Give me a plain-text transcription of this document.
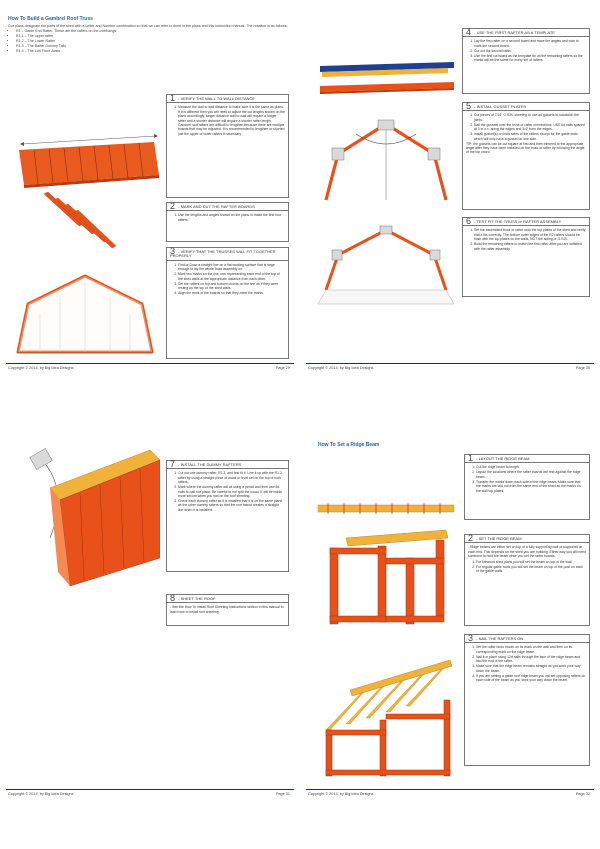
How To Build a Gambrel Roof Truss
Our plans designate the parts of the shed with a Letter and Number combination so that we can refer to them in the plans and this instruction manual. The notation is as follows:
• R1 – Gable End Rafter. These are the rafters on the overhangs.
• R1.1 – The upper rafter
• R1.2 – The Lower Rafter
• R1.3 – The Rafter Dummy Tails
• R1.4 – The Loft Floor Joists
1 - VERIFY THE WALL TO WALL DISTANCE
1. Measure the wall to wall distance to make sure it is the same as plans. If it is different then you will need to adjust the cut lengths shown on the plans accordingly, longer distance wall to wall will require a longer rafter and a shorter distance will require a shorter rafter length. Gambrel roof rafters are difficult to lengthen because there are multiple boards that may be adjusted. It is recommended to lengthen or shorten just the upper or lower rafters if necessary.
2 - MARK AND CUT THE RAFTER BOARDS
1. Use the lengths and angles shown on the plans to make the first four rafters.
3 - VERIFY THAT THE TRUSSES WILL FIT TOGETHER PROPERLY
1. Find or Draw a straight line on a flat working surface that is large enough to lay the whole truss assembly on.
2. Mark two marks on the line, one representing each end of the top of the shed walls at the appropriate distance from each other.
3. Set the rafters on top and bottom chords on the line as if they were resting on the top of the shed walls.
4. Align the ends of the boards so that they meet the marks.
Copyright © 2014, by Big Idea Designs	Page 29
4 - USE THE FIRST RAFTER AS A TEMPLATE
1. Lay the first rafter on a second board and trace the angles and cuts to mark the second board.
2. Cut out the second rafter.
3. Use the first cut board as the template for all the remaining rafters so the marks will be the same for every set of rafters.
5 - INSTALL GUSSET PLATES
1. Cut pieces of 7/16" O.S.B. sheeting to use as gussets to sandwich the joints.
2. Nail the gussets over the truss or rafter connections. USE 6d nails spaced at 3 in o.c. along the edges and 3/4" from the edges.
3. Install gusset(s) on both sides of the rafters except for the gable ends which will only have a gusset on one side.

TIP: the gussets can be cut square at first and then trimmed to the appropriate angle after they have been installed on the truss or rafter by following the angle of the top chord.

6 - TEST FIT THE TRUSS or RAFTER ASSEMBLY
1. Set the assembled truss or rafter onto the top plates of the shed and verify that it fits correctly. The bottom outer edges of the R2 rafters should be flush with the top plates on the walls, NOT the siding or O.S.B.
2. Build the remaining rafters to match the first rafter after you are satisfied with the rafter assembly.
Copyright © 2014, by Big Idea Designs	Page 30
7 - INSTALL THE DUMMY RAFTERS
1. Cut out one dummy rafter, R1.3, and test fit it. Line it up with the R1.2 rafter by using a straight piece of wood or level set on the top of both rafters.
2. Mark where the dummy rafter will sit using a pencil and then use 8d nails to nail it in place. Be careful to not split the wood. It will be made more secure when you nail on the roof sheeting.
3. Check each dummy rafter as it is installed that it is on the same plane as the other dummy rafters so that the roof fascia creates a straight line when it is installed.
8 - SHEET THE ROOF

- See the How To Install Roof Sheeting instructions section in this manual to learn how to install roof sheeting.

Copyright © 2014, by Big Idea Designs	Page 31
How To Set a Ridge Beam
1 - LAYOUT THE RIDGE BEAM
1. Cut the ridge beam to length.
2. Layout the locations where the rafter boards will rest against the ridge beam.
3. Transfer the marks down each side of the ridge beam. Make sure that the marks are laid out from the same end of the shed as the marks on the wall top plates.
2 - SET THE RIDGE BEAM

- Ridge beams are either set on top of a fully supporting wall or supported at each end. This depends on the shed you are building. Either way you will need someone to hold the beam while you set the rafter boards.

1. For firewood shed plans you will set the beam on top of the wall.
2. For regular gable roofs you will set the beam on top of the post on each of the gable walls.
3 - NAIL THE RAFTERS ON
1. Set the rafter birds mouth on its mark on the wall and then on its corresponding mark on the ridge beam.
2. Nail it in place using 12d nails through the face of the ridge beam and into the end of the rafter.
3. Make sure that the ridge beam remains straight as you work your way down the beam.
4. If you are setting a gable roof ridge beam you will set opposing rafters on each side of the beam as you work your way down the beam.
Copyright © 2014, by Big Idea Designs	Page 32
